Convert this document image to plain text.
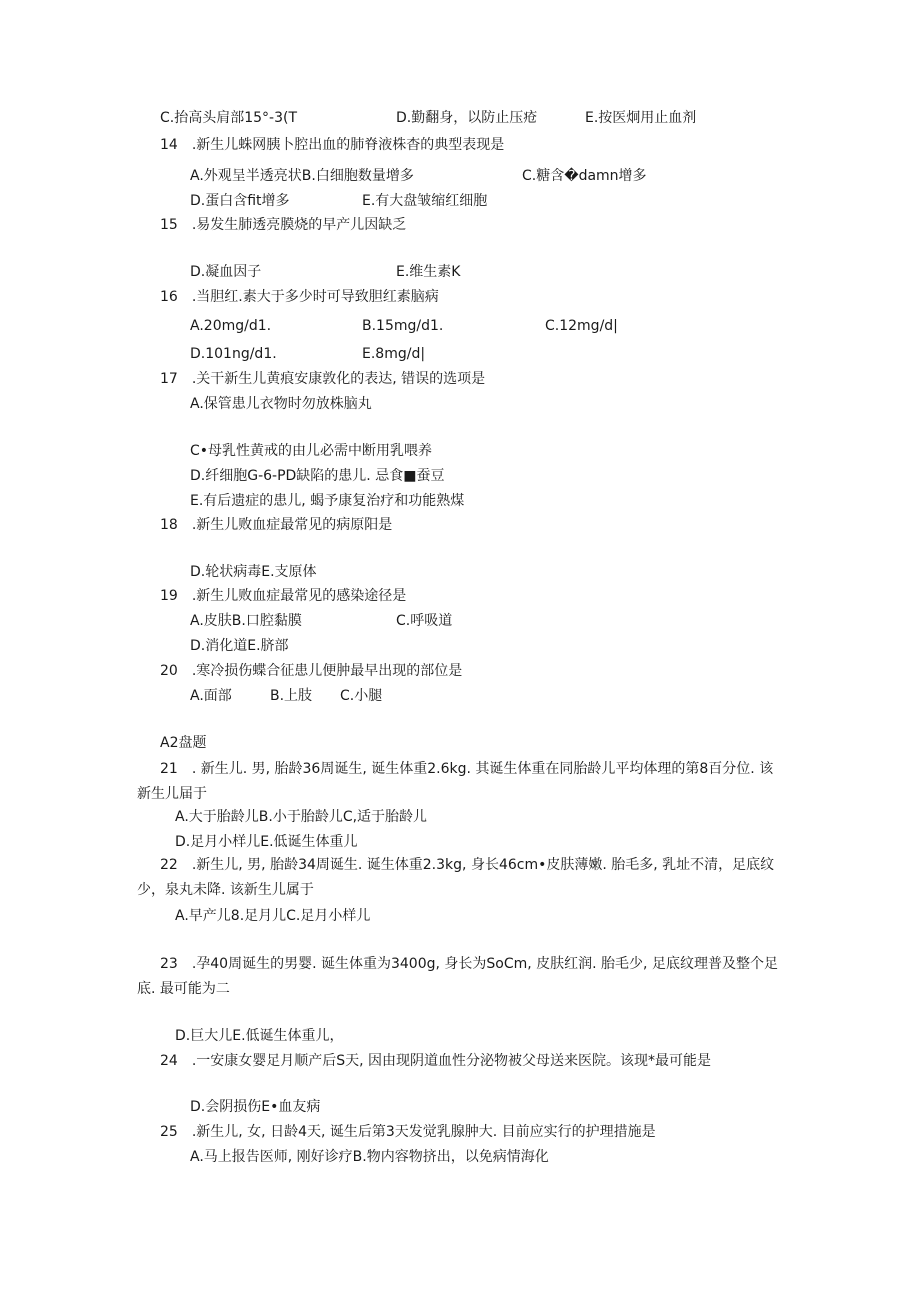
C.抬高头肩部15°-3(T	D.勤翻身，以防止压疮	E.按医炯用止血剂
14　.新生儿蛛网胰卜腔出血的肺脊液株杳的典型表现是
A.外观呈半透亮状B.白细胞数量增多	C.糖含�damn增多
D.蛋白含fit增多	E.有大盘皱缩红细胞
15　.易发生肺透亮膜烧的早产儿因缺乏
D.凝血因子	E.维生素K
16　.当胆红.素大于多少时可导致胆红素脑病
A.20mg/d1.	B.15mg/d1.	C.12mg/d|
D.101ng/d1.	E.8mg/d|
17　.关干新生儿黄痕安康敦化的表达, 错误的选项是
A.保管患儿衣物时勿放株脑丸
C•母乳性黄戒的由儿必需中断用乳喂养
D.纤细胞G-6-PD缺陷的患儿. 忌食■蚕豆
E.有后遗症的患儿, 蝎予康复治疗和功能熟煤
18　.新生儿败血症最常见的病原阳是
D.轮状病毒E.支原体
19　.新生儿败血症最常见的感染途径是
A.皮肤B.口腔黏膜	C.呼吸道
D.消化道E.脐部
20　.寒冷损伤蝶合征患儿便肿最早出现的部位是
A.面部	B.上肢 C.小腿
A2盘题
21　. 新生儿. 男, 胎龄36周诞生, 诞生体重2.6kg. 其诞生体重在同胎龄儿平均体理的第8百分位. 该新生儿届于
A.大于胎龄儿B.小于胎龄儿C,适于胎龄儿
D.足月小样儿E.低诞生体重儿
22　.新生儿, 男, 胎龄34周诞生. 诞生体重2.3kg, 身长46cm•皮肤薄嫩. 胎毛多, 乳址不清，足底纹少，泉丸未降. 该新生儿属于
A.早产儿8.足月儿C.足月小样儿
23　.孕40周诞生的男婴. 诞生体重为3400g, 身长为SoCm, 皮肤红润. 胎毛少, 足底纹理普及整个足底. 最可能为二
D.巨大儿E.低诞生体重儿，
24　.一安康女婴足月顺产后S天, 因由现阴道血性分泌物被父母送来医院。该现*最可能是
D.会阴损伤E•血友病
25　.新生儿, 女, 日龄4天, 诞生后第3天发觉乳腺肿大. 目前应实行的护理措施是
A.马上报告医师, 刚好诊疗B.物内容物挤出，以免病情海化
